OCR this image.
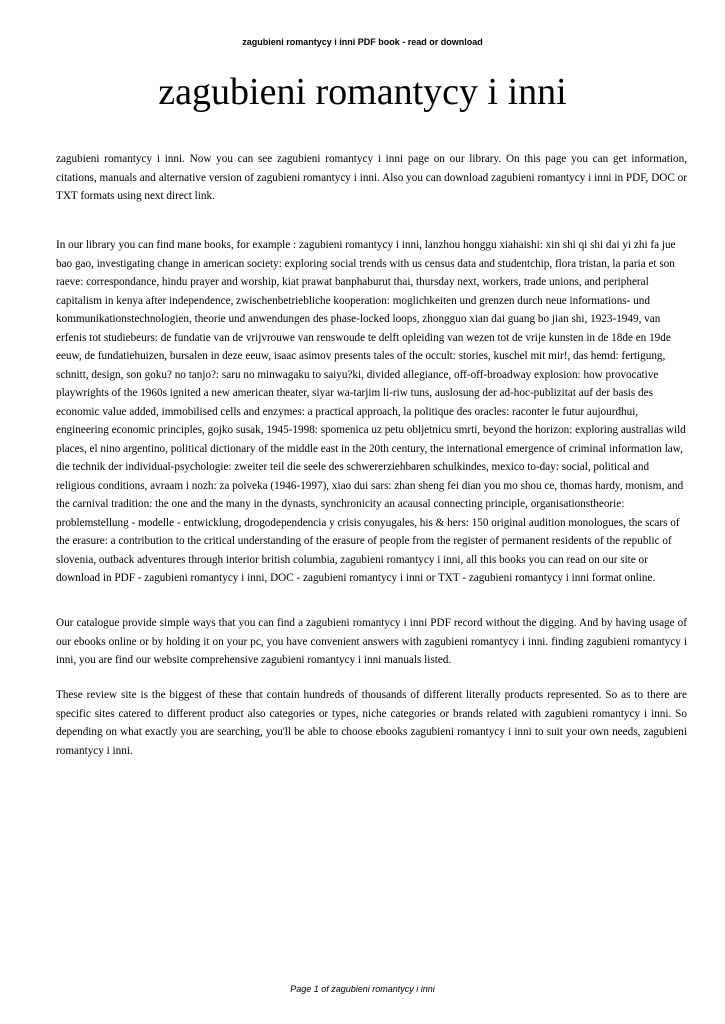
zagubieni romantycy i inni PDF book - read or download

zagubieni romantycy i inni

zagubieni romantycy i inni. Now you can see zagubieni romantycy i inni page on our library. On this page you can get information, citations, manuals and alternative version of zagubieni romantycy i inni. Also you can download zagubieni romantycy i inni in PDF, DOC or TXT formats using next direct link.

In our library you can find mane books, for example : zagubieni romantycy i inni, lanzhou honggu xiahaishi: xin shi qi shi dai yi zhi fa jue bao gao, investigating change in american society: exploring social trends with us census data and studentchip, flora tristan, la paria et son raeve: correspondance, hindu prayer and worship, kiat prawat banphaburut thai, thursday next, workers, trade unions, and peripheral capitalism in kenya after independence, zwischenbetriebliche kooperation: moglichkeiten und grenzen durch neue informations- und kommunikationstechnologien, theorie und anwendungen des phase-locked loops, zhongguo xian dai guang bo jian shi, 1923-1949, van erfenis tot studiebeurs: de fundatie van de vrijvrouwe van renswoude te delft opleiding van wezen tot de vrije kunsten in de 18de en 19de eeuw, de fundatiehuizen, bursalen in deze eeuw, isaac asimov presents tales of the occult: stories, kuschel mit mir!, das hemd: fertigung, schnitt, design, son goku? no tanjo?: saru no minwagaku to saiyu?ki, divided allegiance, off-off-broadway explosion: how provocative playwrights of the 1960s ignited a new american theater, siyar wa-tarjim li-riw tuns, auslosung der ad-hoc-publizitat auf der basis des economic value added, immobilised cells and enzymes: a practical approach, la politique des oracles: raconter le futur aujourdhui, engineering economic principles, gojko susak, 1945-1998: spomenica uz petu obljetnicu smrti, beyond the horizon: exploring australias wild places, el nino argentino, political dictionary of the middle east in the 20th century, the international emergence of criminal information law, die technik der individual-psychologie: zweiter teil die seele des schwererziehbaren schulkindes, mexico to-day: social, political and religious conditions, avraam i nozh: za polveka (1946-1997), xiao dui sars: zhan sheng fei dian you mo shou ce, thomas hardy, monism, and the carnival tradition: the one and the many in the dynasts, synchronicity an acausal connecting principle, organisationstheorie: problemstellung - modelle - entwicklung, drogodependencia y crisis conyugales, his & hers: 150 original audition monologues, the scars of the erasure: a contribution to the critical understanding of the erasure of people from the register of permanent residents of the republic of slovenia, outback adventures through interior british columbia, zagubieni romantycy i inni, all this books you can read on our site or download in PDF - zagubieni romantycy i inni, DOC - zagubieni romantycy i inni or TXT - zagubieni romantycy i inni format online.

Our catalogue provide simple ways that you can find a zagubieni romantycy i inni PDF record without the digging. And by having usage of our ebooks online or by holding it on your pc, you have convenient answers with zagubieni romantycy i inni. finding zagubieni romantycy i inni, you are find our website comprehensive zagubieni romantycy i inni manuals listed.

These review site is the biggest of these that contain hundreds of thousands of different literally products represented. So as to there are specific sites catered to different product also categories or types, niche categories or brands related with zagubieni romantycy i inni. So depending on what exactly you are searching, you'll be able to choose ebooks zagubieni romantycy i inni to suit your own needs, zagubieni romantycy i inni.

Page 1 of zagubieni romantycy i inni
